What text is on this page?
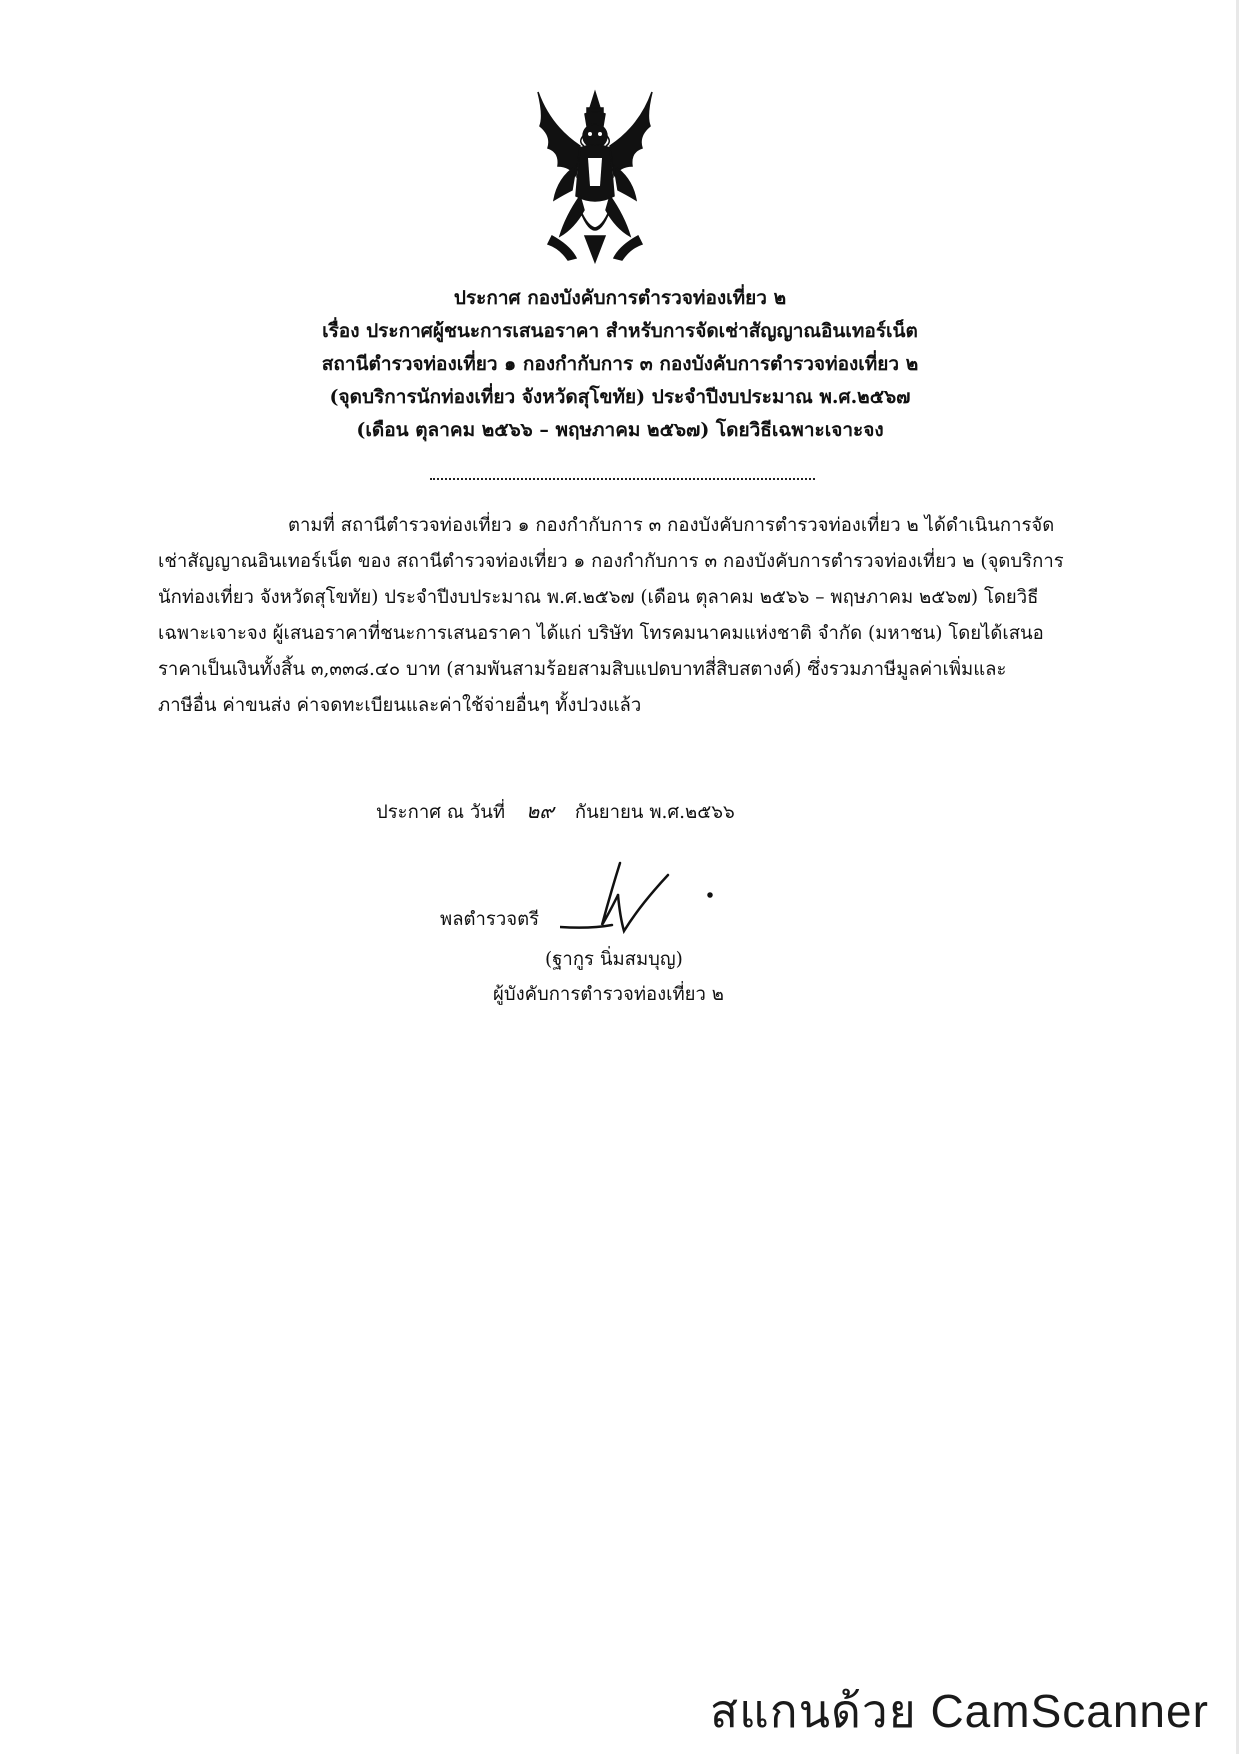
ประกาศ กองบังคับการตำรวจท่องเที่ยว ๒
เรื่อง ประกาศผู้ชนะการเสนอราคา สำหรับการจัดเช่าสัญญาณอินเทอร์เน็ต
สถานีตำรวจท่องเที่ยว ๑ กองกำกับการ ๓ กองบังคับการตำรวจท่องเที่ยว ๒
(จุดบริการนักท่องเที่ยว จังหวัดสุโขทัย) ประจำปีงบประมาณ พ.ศ.๒๕๖๗
(เดือน ตุลาคม ๒๕๖๖ – พฤษภาคม ๒๕๖๗) โดยวิธีเฉพาะเจาะจง
ตามที่ สถานีตำรวจท่องเที่ยว ๑ กองกำกับการ ๓ กองบังคับการตำรวจท่องเที่ยว ๒ ได้ดำเนินการจัด
เช่าสัญญาณอินเทอร์เน็ต ของ สถานีตำรวจท่องเที่ยว ๑ กองกำกับการ ๓ กองบังคับการตำรวจท่องเที่ยว ๒ (จุดบริการ
นักท่องเที่ยว จังหวัดสุโขทัย) ประจำปีงบประมาณ พ.ศ.๒๕๖๗ (เดือน ตุลาคม ๒๕๖๖ – พฤษภาคม ๒๕๖๗) โดยวิธี
เฉพาะเจาะจง ผู้เสนอราคาที่ชนะการเสนอราคา ได้แก่ บริษัท โทรคมนาคมแห่งชาติ จำกัด (มหาชน) โดยได้เสนอ
ราคาเป็นเงินทั้งสิ้น ๓,๓๓๘.๔๐ บาท (สามพันสามร้อยสามสิบแปดบาทสี่สิบสตางค์) ซึ่งรวมภาษีมูลค่าเพิ่มและ
ภาษีอื่น ค่าขนส่ง ค่าจดทะเบียนและค่าใช้จ่ายอื่นๆ ทั้งปวงแล้ว
ประกาศ ณ วันที่ ๒๙ กันยายน พ.ศ.๒๕๖๖
พลตำรวจตรี
(ฐากูร นิ่มสมบุญ)
ผู้บังคับการตำรวจท่องเที่ยว ๒
สแกนด้วย CamScanner
